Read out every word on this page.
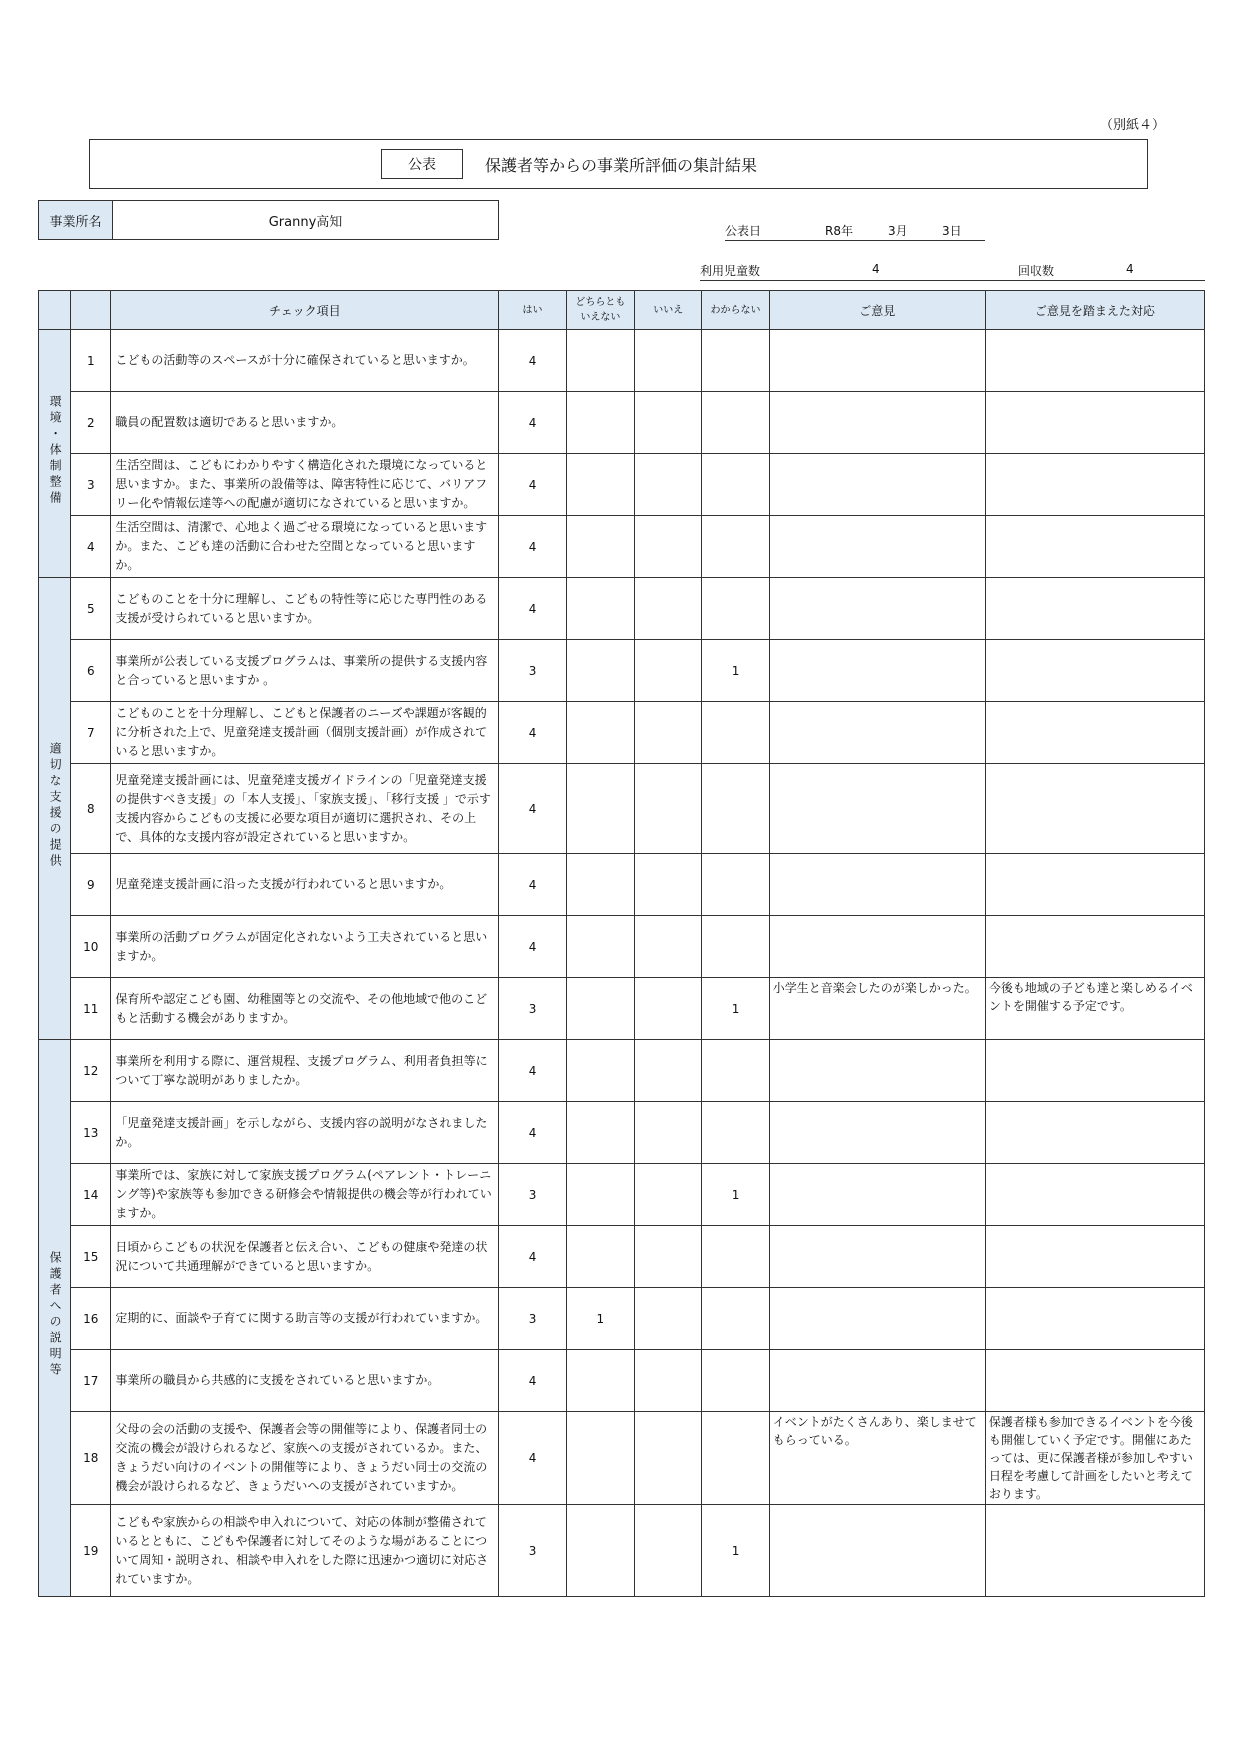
（別紙４）
公表	保護者等からの事業所評価の集計結果
事業所名	Granny高知
公表日	R8年	3月	3日
利用児童数	4	回収数	4
		チェック項目	はい	どちらとも いえない	いいえ	わからない	ご意見	ご意見を踏まえた対応
環境・体制整備	1	こどもの活動等のスペースが十分に確保されていると思いますか。	4					
	2	職員の配置数は適切であると思いますか。	4					
	3	生活空間は、こどもにわかりやすく構造化された環境になっていると思いますか。また、事業所の設備等は、障害特性に応じて、バリアフリー化や情報伝達等への配慮が適切になされていると思いますか。	4					
	4	生活空間は、清潔で、心地よく過ごせる環境になっていると思いますか。また、こども達の活動に合わせた空間となっていると思いますか。	4					
適切な支援の提供	5	こどものことを十分に理解し、こどもの特性等に応じた専門性のある支援が受けられていると思いますか。	4					
	6	事業所が公表している支援プログラムは、事業所の提供する支援内容と合っていると思いますか 。	3			1		
	7	こどものことを十分理解し、こどもと保護者のニーズや課題が客観的に分析された上で、児童発達支援計画（個別支援計画）が作成されていると思いますか。	4					
	8	児童発達支援計画には、児童発達支援ガイドラインの「児童発達支援の提供すべき支援」の「本人支援」、「家族支援」、「移行支援 」で示す支援内容からこどもの支援に必要な項目が適切に選択され、その上で、具体的な支援内容が設定されていると思いますか。	4					
	9	児童発達支援計画に沿った支援が行われていると思いますか。	4					
	10	事業所の活動プログラムが固定化されないよう工夫されていると思いますか。	4					
	11	保育所や認定こども園、幼稚園等との交流や、その他地域で他のこどもと活動する機会がありますか。	3			1	小学生と音楽会したのが楽しかった。	今後も地域の子ども達と楽しめるイベントを開催する予定です。
保護者への説明等	12	事業所を利用する際に、運営規程、支援プログラム、利用者負担等について丁寧な説明がありましたか。	4					
	13	「児童発達支援計画」を示しながら、支援内容の説明がなされましたか。	4					
	14	事業所では、家族に対して家族支援プログラム(ペアレント・トレーニング等)や家族等も参加できる研修会や情報提供の機会等が行われていますか。	3			1		
	15	日頃からこどもの状況を保護者と伝え合い、こどもの健康や発達の状況について共通理解ができていると思いますか。	4					
	16	定期的に、面談や子育てに関する助言等の支援が行われていますか。	3	1				
	17	事業所の職員から共感的に支援をされていると思いますか。	4					
	18	父母の会の活動の支援や、保護者会等の開催等により、保護者同士の交流の機会が設けられるなど、家族への支援がされているか。また、きょうだい向けのイベントの開催等により、きょうだい同士の交流の機会が設けられるなど、きょうだいへの支援がされていますか。	4				イベントがたくさんあり、楽しませてもらっている。	保護者様も参加できるイベントを今後も開催していく予定です。開催にあたっては、更に保護者様が参加しやすい日程を考慮して計画をしたいと考えております。
	19	こどもや家族からの相談や申入れについて、対応の体制が整備されているとともに、こどもや保護者に対してそのような場があることについて周知・説明され、相談や申入れをした際に迅速かつ適切に対応されていますか。	3			1		
